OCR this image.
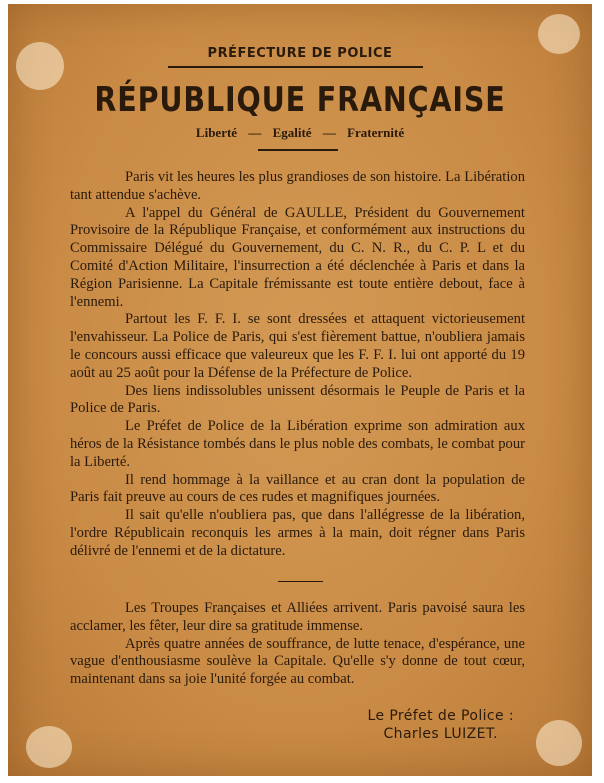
PRÉFECTURE DE POLICE
RÉPUBLIQUE FRANÇAISE
Liberté — Egalité — Fraternité

Paris vit les heures les plus grandioses de son histoire. La Libération tant attendue s'achève.

A l'appel du Général de GAULLE, Président du Gouvernement Provisoire de la République Française, et conformément aux instructions du Commissaire Délégué du Gouvernement, du C. N. R., du C. P. L et du Comité d'Action Militaire, l'insurrection a été déclenchée à Paris et dans la Région Parisienne. La Capitale frémissante est toute entière debout, face à l'ennemi.

Partout les F. F. I. se sont dressées et attaquent victorieusement l'envahisseur. La Police de Paris, qui s'est fièrement battue, n'oubliera jamais le concours aussi efficace que valeureux que les F. F. I. lui ont apporté du 19 août au 25 août pour la Défense de la Préfecture de Police.

Des liens indissolubles unissent désormais le Peuple de Paris et la Police de Paris.

Le Préfet de Police de la Libération exprime son admiration aux héros de la Résistance tombés dans le plus noble des combats, le combat pour la Liberté.

Il rend hommage à la vaillance et au cran dont la population de Paris fait preuve au cours de ces rudes et magnifiques journées.

Il sait qu'elle n'oubliera pas, que dans l'allégresse de la libération, l'ordre Républicain reconquis les armes à la main, doit régner dans Paris délivré de l'ennemi et de la dictature.

Les Troupes Françaises et Alliées arrivent. Paris pavoisé saura les acclamer, les fêter, leur dire sa gratitude immense.

Après quatre années de souffrance, de lutte tenace, d'espérance, une vague d'enthousiasme soulève la Capitale. Qu'elle s'y donne de tout cœur, maintenant dans sa joie l'unité forgée au combat.

Le Préfet de Police :
Charles LUIZET.
